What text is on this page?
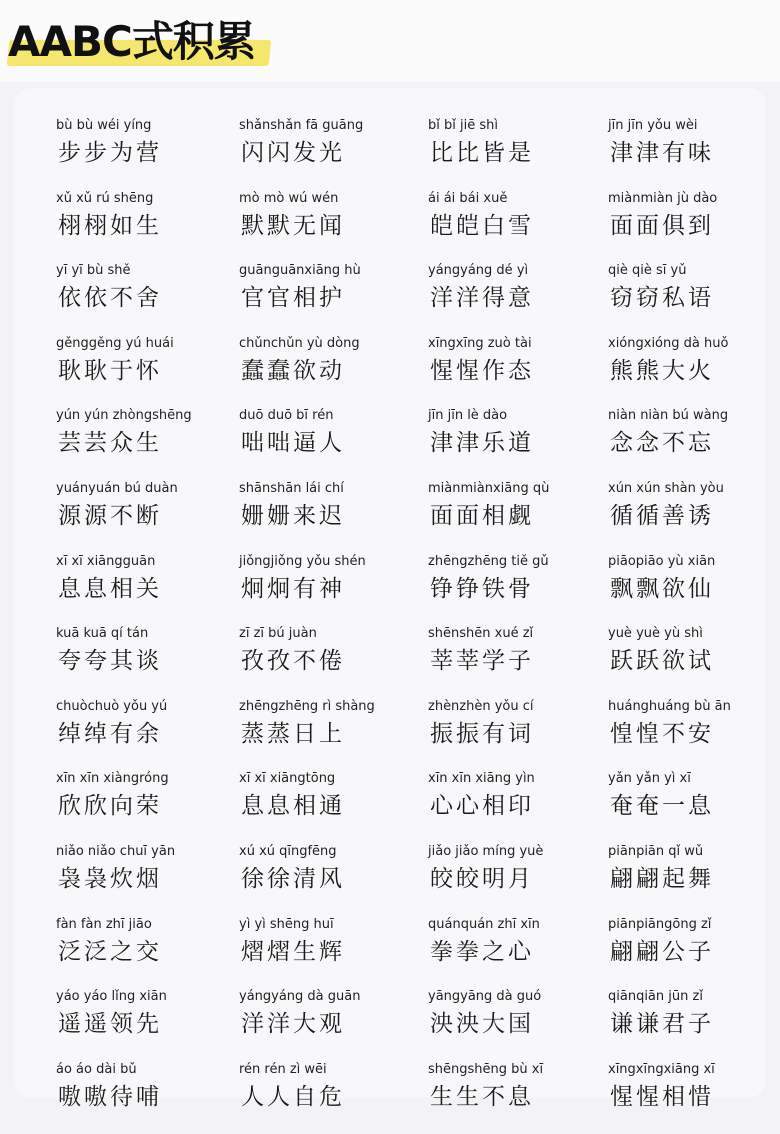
AABC式积累
bù bù wéi yíng
步步为营
shǎnshǎn fā guāng
闪闪发光
bǐ bǐ jiē shì
比比皆是
jīn jīn yǒu wèi
津津有味
xǔ xǔ rú shēng
栩栩如生
mò mò wú wén
默默无闻
ái ái bái xuě
皑皑白雪
miànmiàn jù dào
面面俱到
yī yī bù shě
依依不舍
guānguānxiāng hù
官官相护
yángyáng dé yì
洋洋得意
qiè qiè sī yǔ
窃窃私语
gěnggěng yú huái
耿耿于怀
chǔnchǔn yù dòng
蠢蠢欲动
xīngxīng zuò tài
惺惺作态
xióngxióng dà huǒ
熊熊大火
yún yún zhòngshēng
芸芸众生
duō duō bī rén
咄咄逼人
jīn jīn lè dào
津津乐道
niàn niàn bú wàng
念念不忘
yuányuán bú duàn
源源不断
shānshān lái chí
姗姗来迟
miànmiànxiāng qù
面面相觑
xún xún shàn yòu
循循善诱
xī xī xiāngguān
息息相关
jiǒngjiǒng yǒu shén
炯炯有神
zhēngzhēng tiě gǔ
铮铮铁骨
piāopiāo yù xiān
飘飘欲仙
kuā kuā qí tán
夸夸其谈
zī zī bú juàn
孜孜不倦
shēnshēn xué zǐ
莘莘学子
yuè yuè yù shì
跃跃欲试
chuòchuò yǒu yú
绰绰有余
zhēngzhēng rì shàng
蒸蒸日上
zhènzhèn yǒu cí
振振有词
huánghuáng bù ān
惶惶不安
xīn xīn xiàngróng
欣欣向荣
xī xī xiāngtōng
息息相通
xīn xīn xiāng yìn
心心相印
yǎn yǎn yì xī
奄奄一息
niǎo niǎo chuī yān
袅袅炊烟
xú xú qīngfēng
徐徐清风
jiǎo jiǎo míng yuè
皎皎明月
piānpiān qǐ wǔ
翩翩起舞
fàn fàn zhī jiāo
泛泛之交
yì yì shēng huī
熠熠生辉
quánquán zhī xīn
拳拳之心
piānpiāngōng zǐ
翩翩公子
yáo yáo lǐng xiān
遥遥领先
yángyáng dà guān
洋洋大观
yāngyāng dà guó
泱泱大国
qiānqiān jūn zǐ
谦谦君子
áo áo dài bǔ
嗷嗷待哺
rén rén zì wēi
人人自危
shēngshēng bù xī
生生不息
xīngxīngxiāng xī
惺惺相惜
